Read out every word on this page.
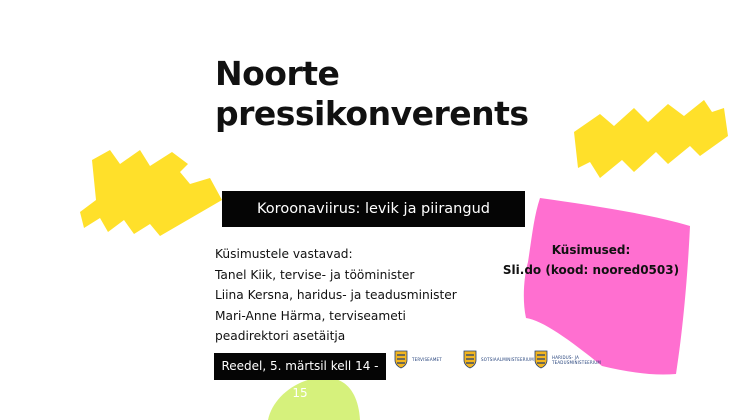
Noorte
pressikonverents
Koroonaviirus: levik ja piirangud
Küsimustele vastavad:
Tanel Kiik, tervise- ja tööminister
Liina Kersna, haridus- ja teadusminister
Mari-Anne Härma, terviseameti
peadirektori asetäitja
Küsimused:
Sli.do (kood: noored0503)
Reedel, 5. märtsil kell 14 - 15
TERVISEAMET	SOTSIAALMINISTEERIUM	HARIDUS- JA
TEADUSMINISTEERIUM
